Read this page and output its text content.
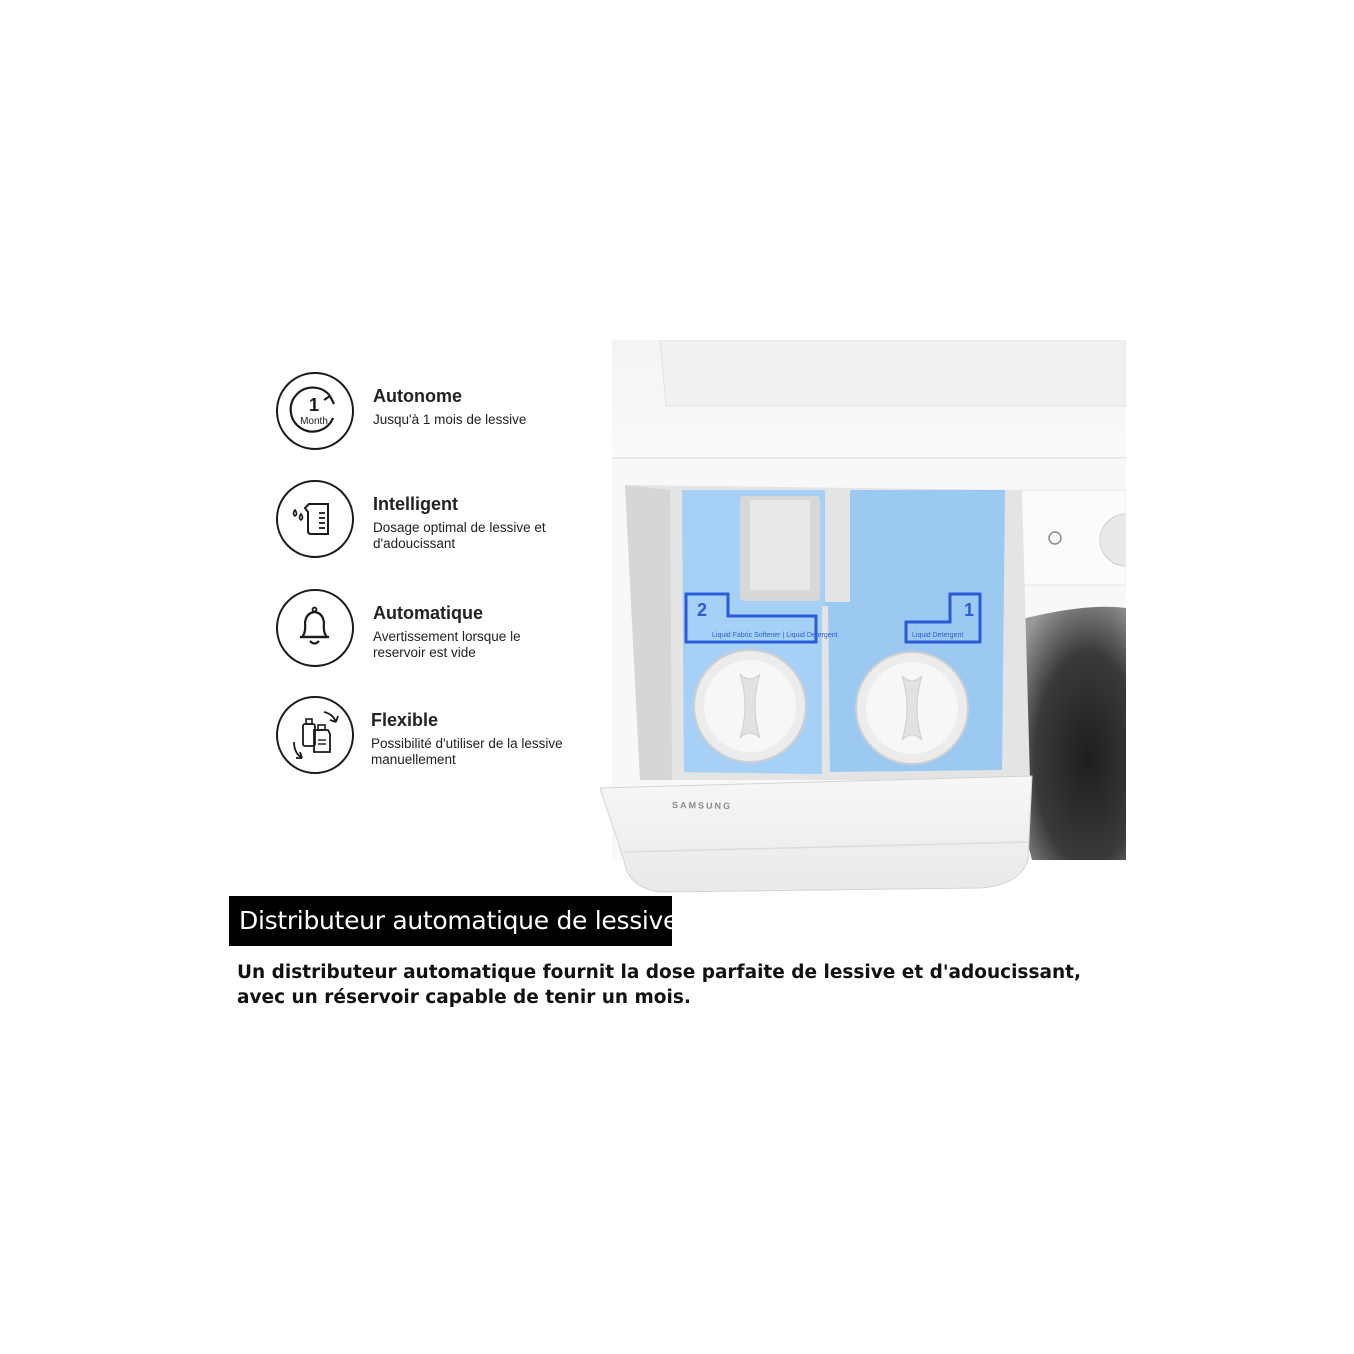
1
Month
Autonome
Jusqu'à 1 mois de lessive
Intelligent
Dosage optimal de lessive et d'adoucissant
Automatique
Avertissement lorsque le reservoir est vide
Flexible
Possibilité d'utiliser de la lessive manuellement
2	1
Liquid Fabric Softener | Liquid Detergent	Liquid Detergent
SAMSUNG
Distributeur automatique de lessive
Un distributeur automatique fournit la dose parfaite de lessive et d'adoucissant, avec un réservoir capable de tenir un mois.
